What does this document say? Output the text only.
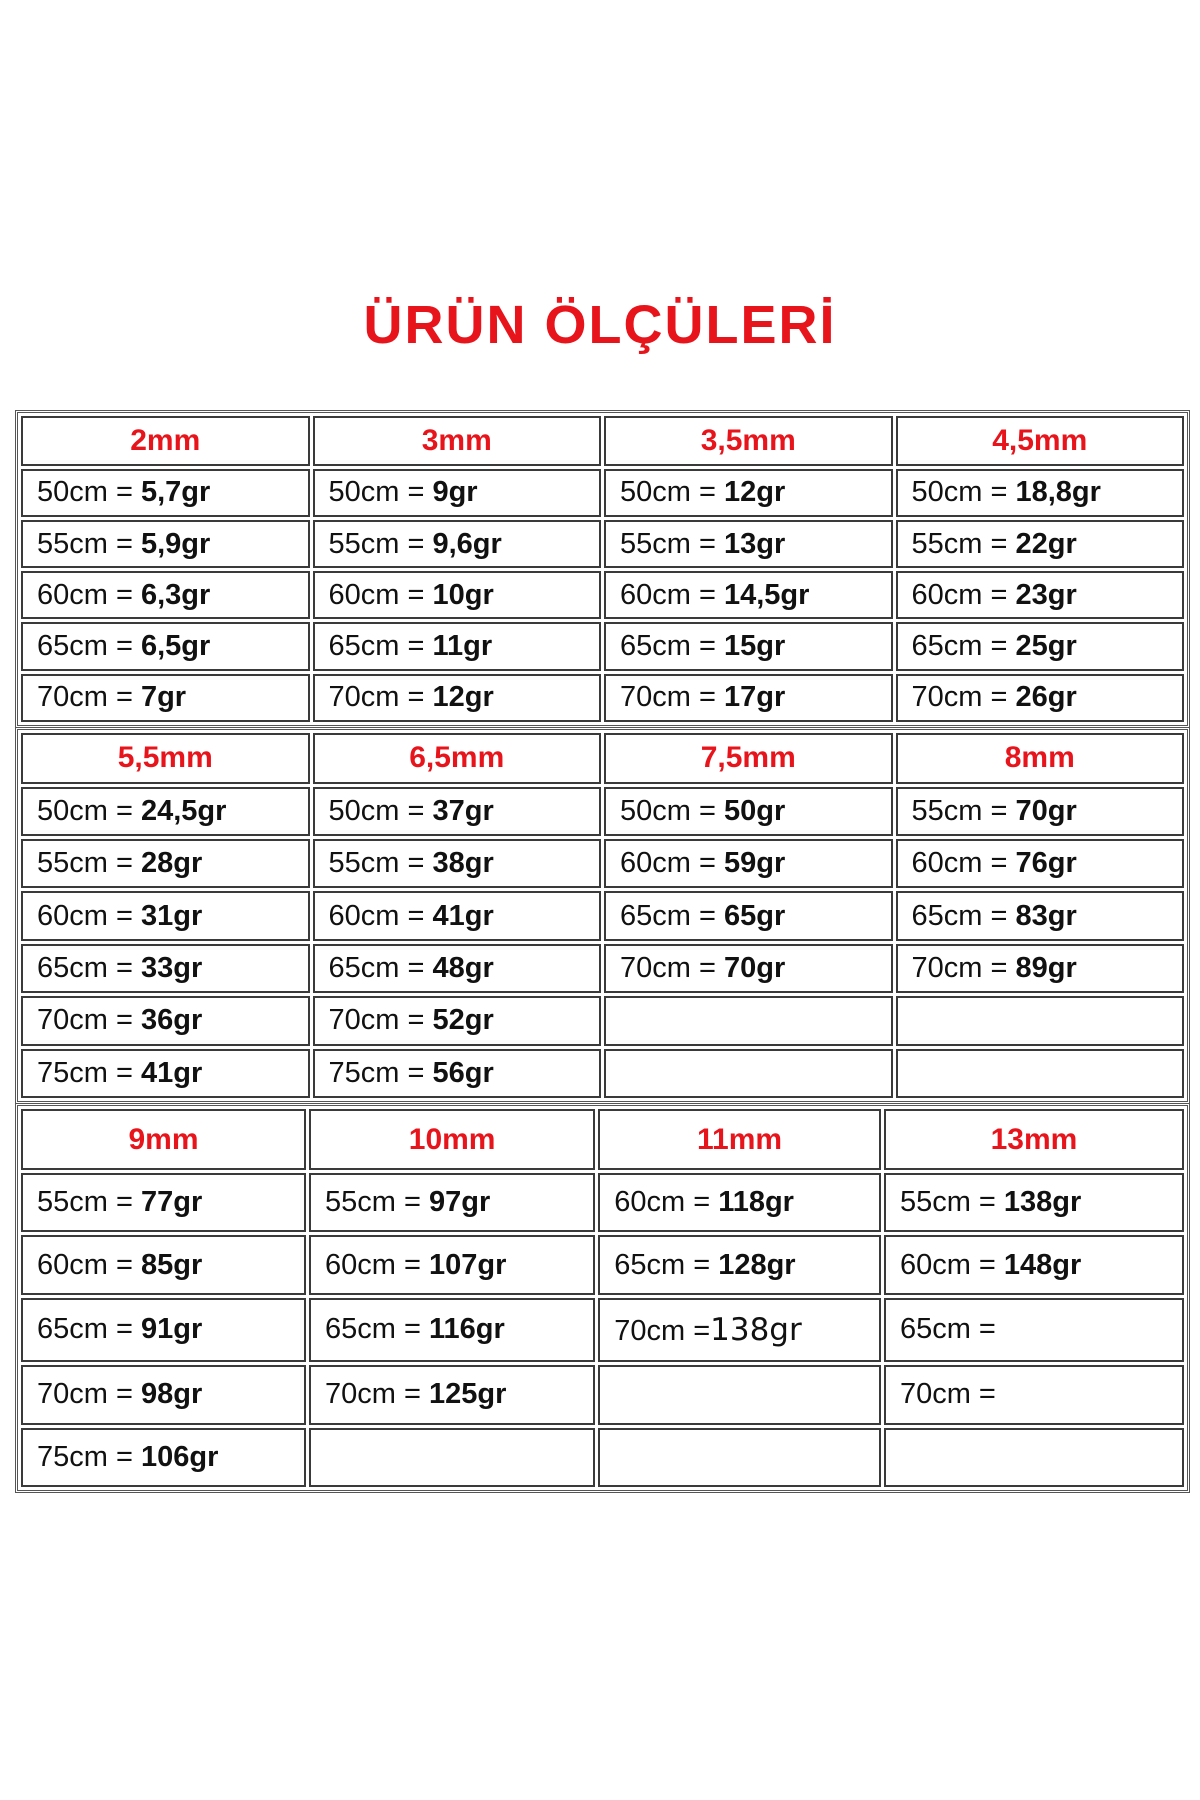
ÜRÜN ÖLÇÜLERİ
2mm	3mm	3,5mm	4,5mm
50cm = 5,7gr	50cm = 9gr	50cm = 12gr	50cm = 18,8gr
55cm = 5,9gr	55cm = 9,6gr	55cm = 13gr	55cm = 22gr
60cm = 6,3gr	60cm = 10gr	60cm = 14,5gr	60cm = 23gr
65cm = 6,5gr	65cm = 11gr	65cm = 15gr	65cm = 25gr
70cm = 7gr	70cm = 12gr	70cm = 17gr	70cm = 26gr
5,5mm	6,5mm	7,5mm	8mm
50cm = 24,5gr	50cm = 37gr	50cm = 50gr	55cm = 70gr
55cm = 28gr	55cm = 38gr	60cm = 59gr	60cm = 76gr
60cm = 31gr	60cm = 41gr	65cm = 65gr	65cm = 83gr
65cm = 33gr	65cm = 48gr	70cm = 70gr	70cm = 89gr
70cm = 36gr	70cm = 52gr		
75cm = 41gr	75cm = 56gr		
9mm	10mm	11mm	13mm
55cm = 77gr	55cm = 97gr	60cm = 118gr	55cm = 138gr
60cm = 85gr	60cm = 107gr	65cm = 128gr	60cm = 148gr
65cm = 91gr	65cm = 116gr	70cm =138gr	65cm =
70cm = 98gr	70cm = 125gr		70cm =
75cm = 106gr			
